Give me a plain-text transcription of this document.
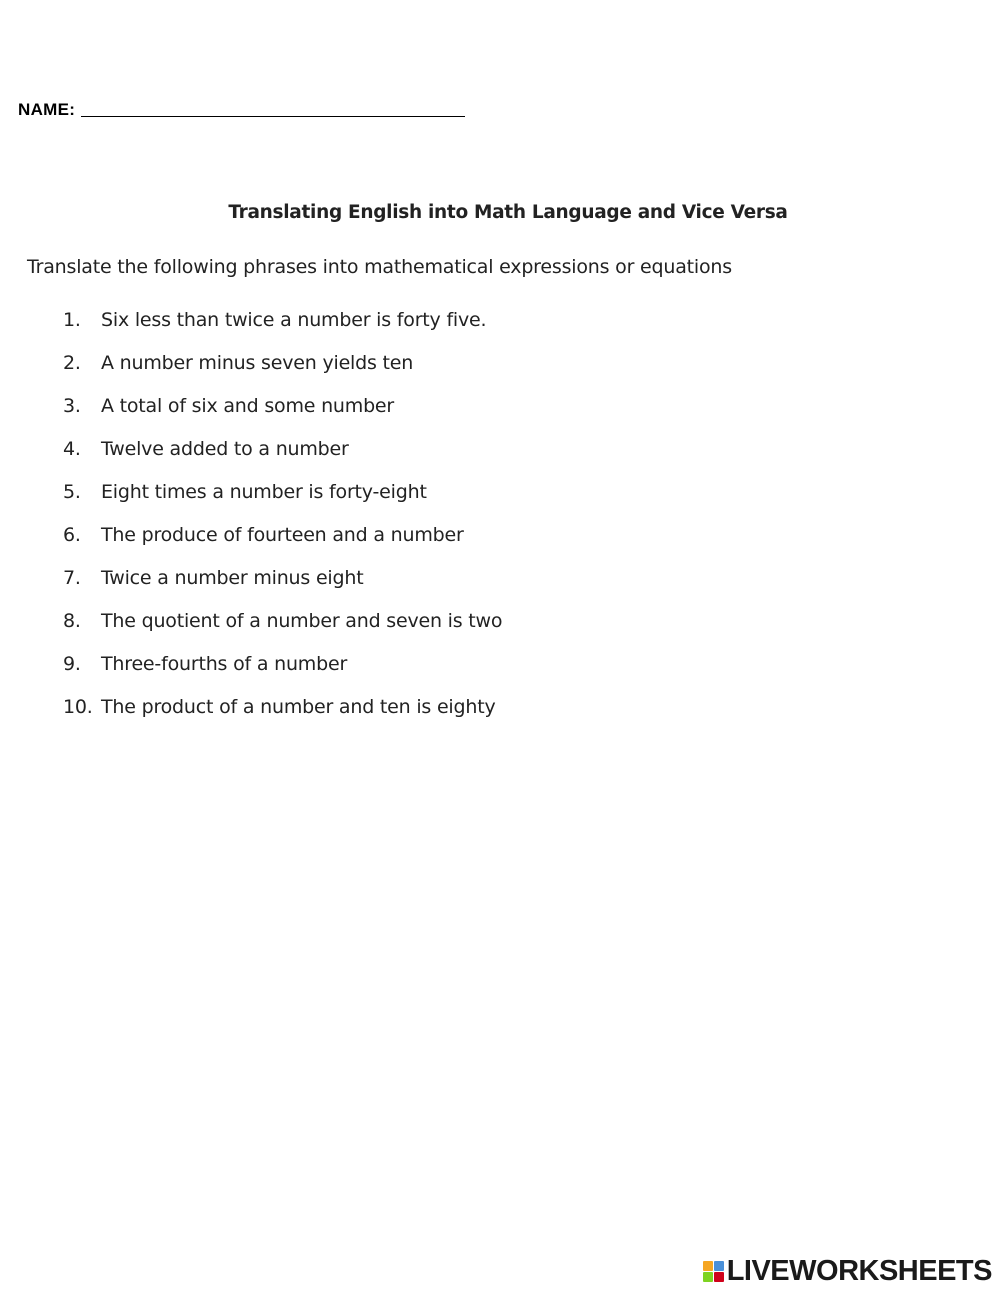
NAME:
Translating English into Math Language and Vice Versa
Translate the following phrases into mathematical expressions or equations
1.	Six less than twice a number is forty five.
2.	A number minus seven yields ten
3.	A total of six and some number
4.	Twelve added to a number
5.	Eight times a number is forty-eight
6.	The produce of fourteen and a number
7.	Twice a number minus eight
8.	The quotient of a number and seven is two
9.	Three-fourths of a number
10. The product of a number and ten is eighty
LIVEWORKSHEETS
